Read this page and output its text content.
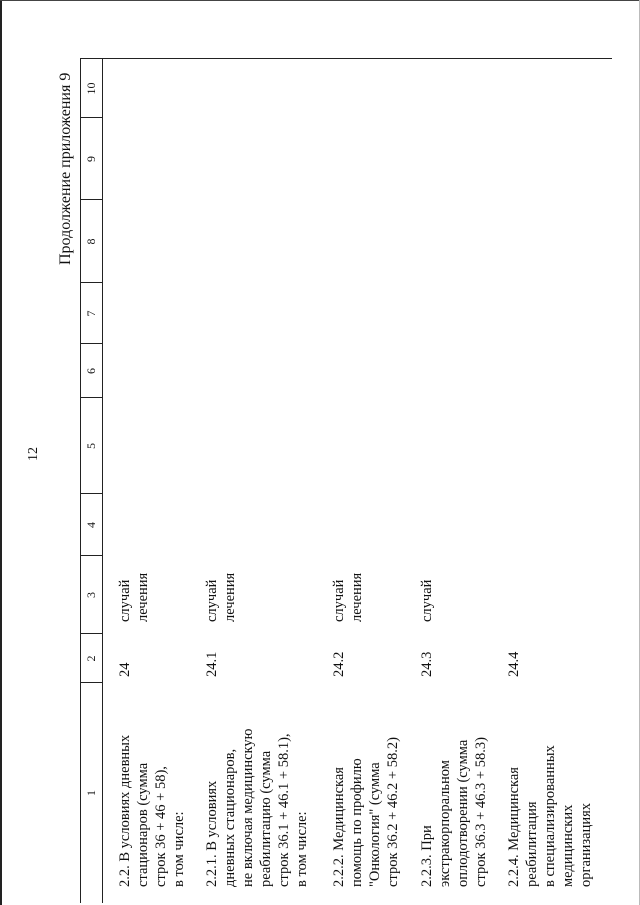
12
Продолжение приложения 9
1
2
3
4
5
6
7
8
9
10
2.2. В условиях дневных стационаров (сумма строк 36 + 46 + 58), в том числе:
24
случай лечения
2.2.1. В условиях дневных стационаров, не включая медицинскую реабилитацию (сумма строк 36.1 + 46.1 + 58.1), в том числе:
24.1
случай лечения
2.2.2. Медицинская помощь по профилю "Онкология" (сумма строк 36.2 + 46.2 + 58.2)
24.2
случай лечения
2.2.3. При экстракорпоральном оплодотворении (сумма строк 36.3 + 46.3 + 58.3)
24.3
случай
2.2.4. Медицинская реабилитация в специализированных медицинских организациях
24.4
